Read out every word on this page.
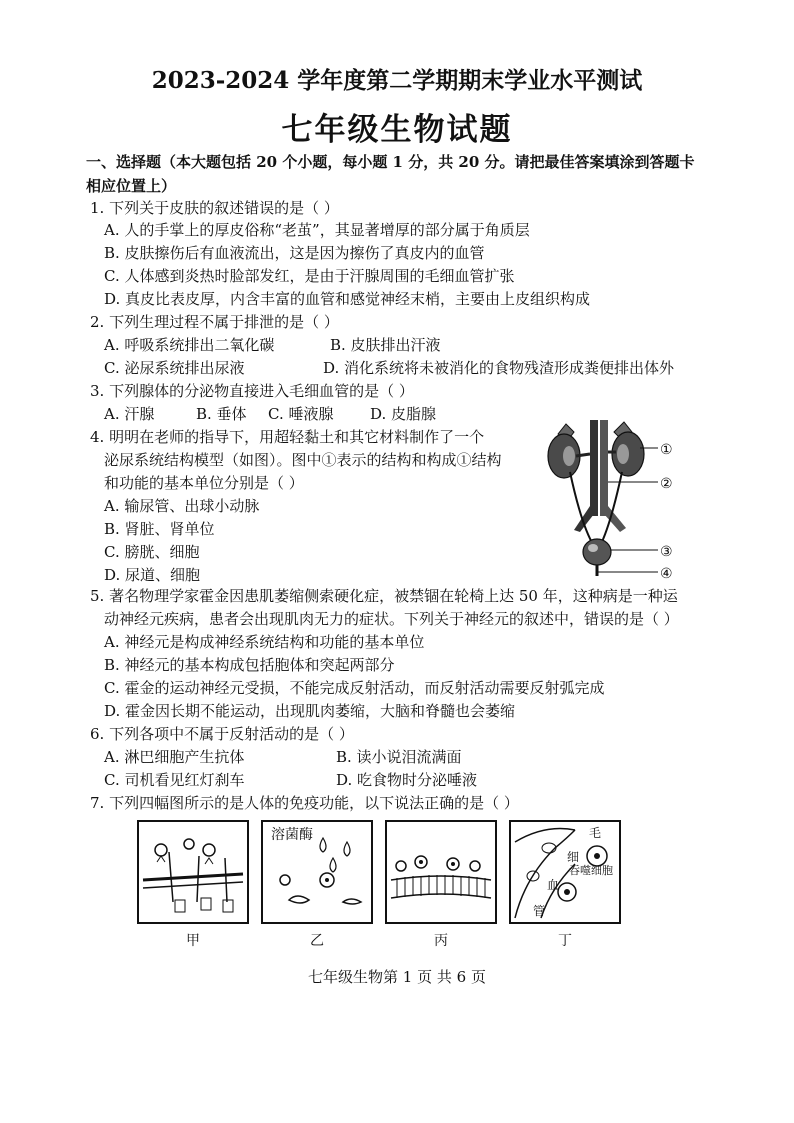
2023-2024 学年度第二学期期末学业水平测试
七年级生物试题
一、选择题（本大题包括 20 个小题，每小题 1 分，共 20 分。请把最佳答案填涂到答题卡
相应位置上）
1. 下列关于皮肤的叙述错误的是（ ）
A. 人的手掌上的厚皮俗称“老茧”，其显著增厚的部分属于角质层
B. 皮肤擦伤后有血液流出，这是因为擦伤了真皮内的血管
C. 人体感到炎热时脸部发红，是由于汗腺周围的毛细血管扩张
D. 真皮比表皮厚，内含丰富的血管和感觉神经末梢，主要由上皮组织构成
2. 下列生理过程不属于排泄的是（ ）
A. 呼吸系统排出二氧化碳	B. 皮肤排出汗液
C. 泌尿系统排出尿液	D. 消化系统将未被消化的食物残渣形成粪便排出体外
3. 下列腺体的分泌物直接进入毛细血管的是（ ）
A. 汗腺	B. 垂体 C. 唾液腺 D. 皮脂腺
4. 明明在老师的指导下，用超轻黏土和其它材料制作了一个
泌尿系统结构模型（如图）。图中①表示的结构和构成①结构
和功能的基本单位分别是（ ）
A. 输尿管、出球小动脉
B. 肾脏、肾单位
C. 膀胱、细胞
D. 尿道、细胞
①
②
③
④
5. 著名物理学家霍金因患肌萎缩侧索硬化症，被禁锢在轮椅上达 50 年，这种病是一种运
动神经元疾病，患者会出现肌肉无力的症状。下列关于神经元的叙述中，错误的是（ ）
A. 神经元是构成神经系统结构和功能的基本单位
B. 神经元的基本构成包括胞体和突起两部分
C. 霍金的运动神经元受损，不能完成反射活动，而反射活动需要反射弧完成
D. 霍金因长期不能运动，出现肌肉萎缩，大脑和脊髓也会萎缩
6. 下列各项中不属于反射活动的是（ ）
A. 淋巴细胞产生抗体	B. 读小说泪流满面
C. 司机看见红灯刹车	D. 吃食物时分泌唾液
7. 下列四幅图所示的是人体的免疫功能，以下说法正确的是（ ）
甲
溶菌酶
乙	丙
毛
细
吞噬细胞
血
管
丁
七年级生物第 1 页 共 6 页
